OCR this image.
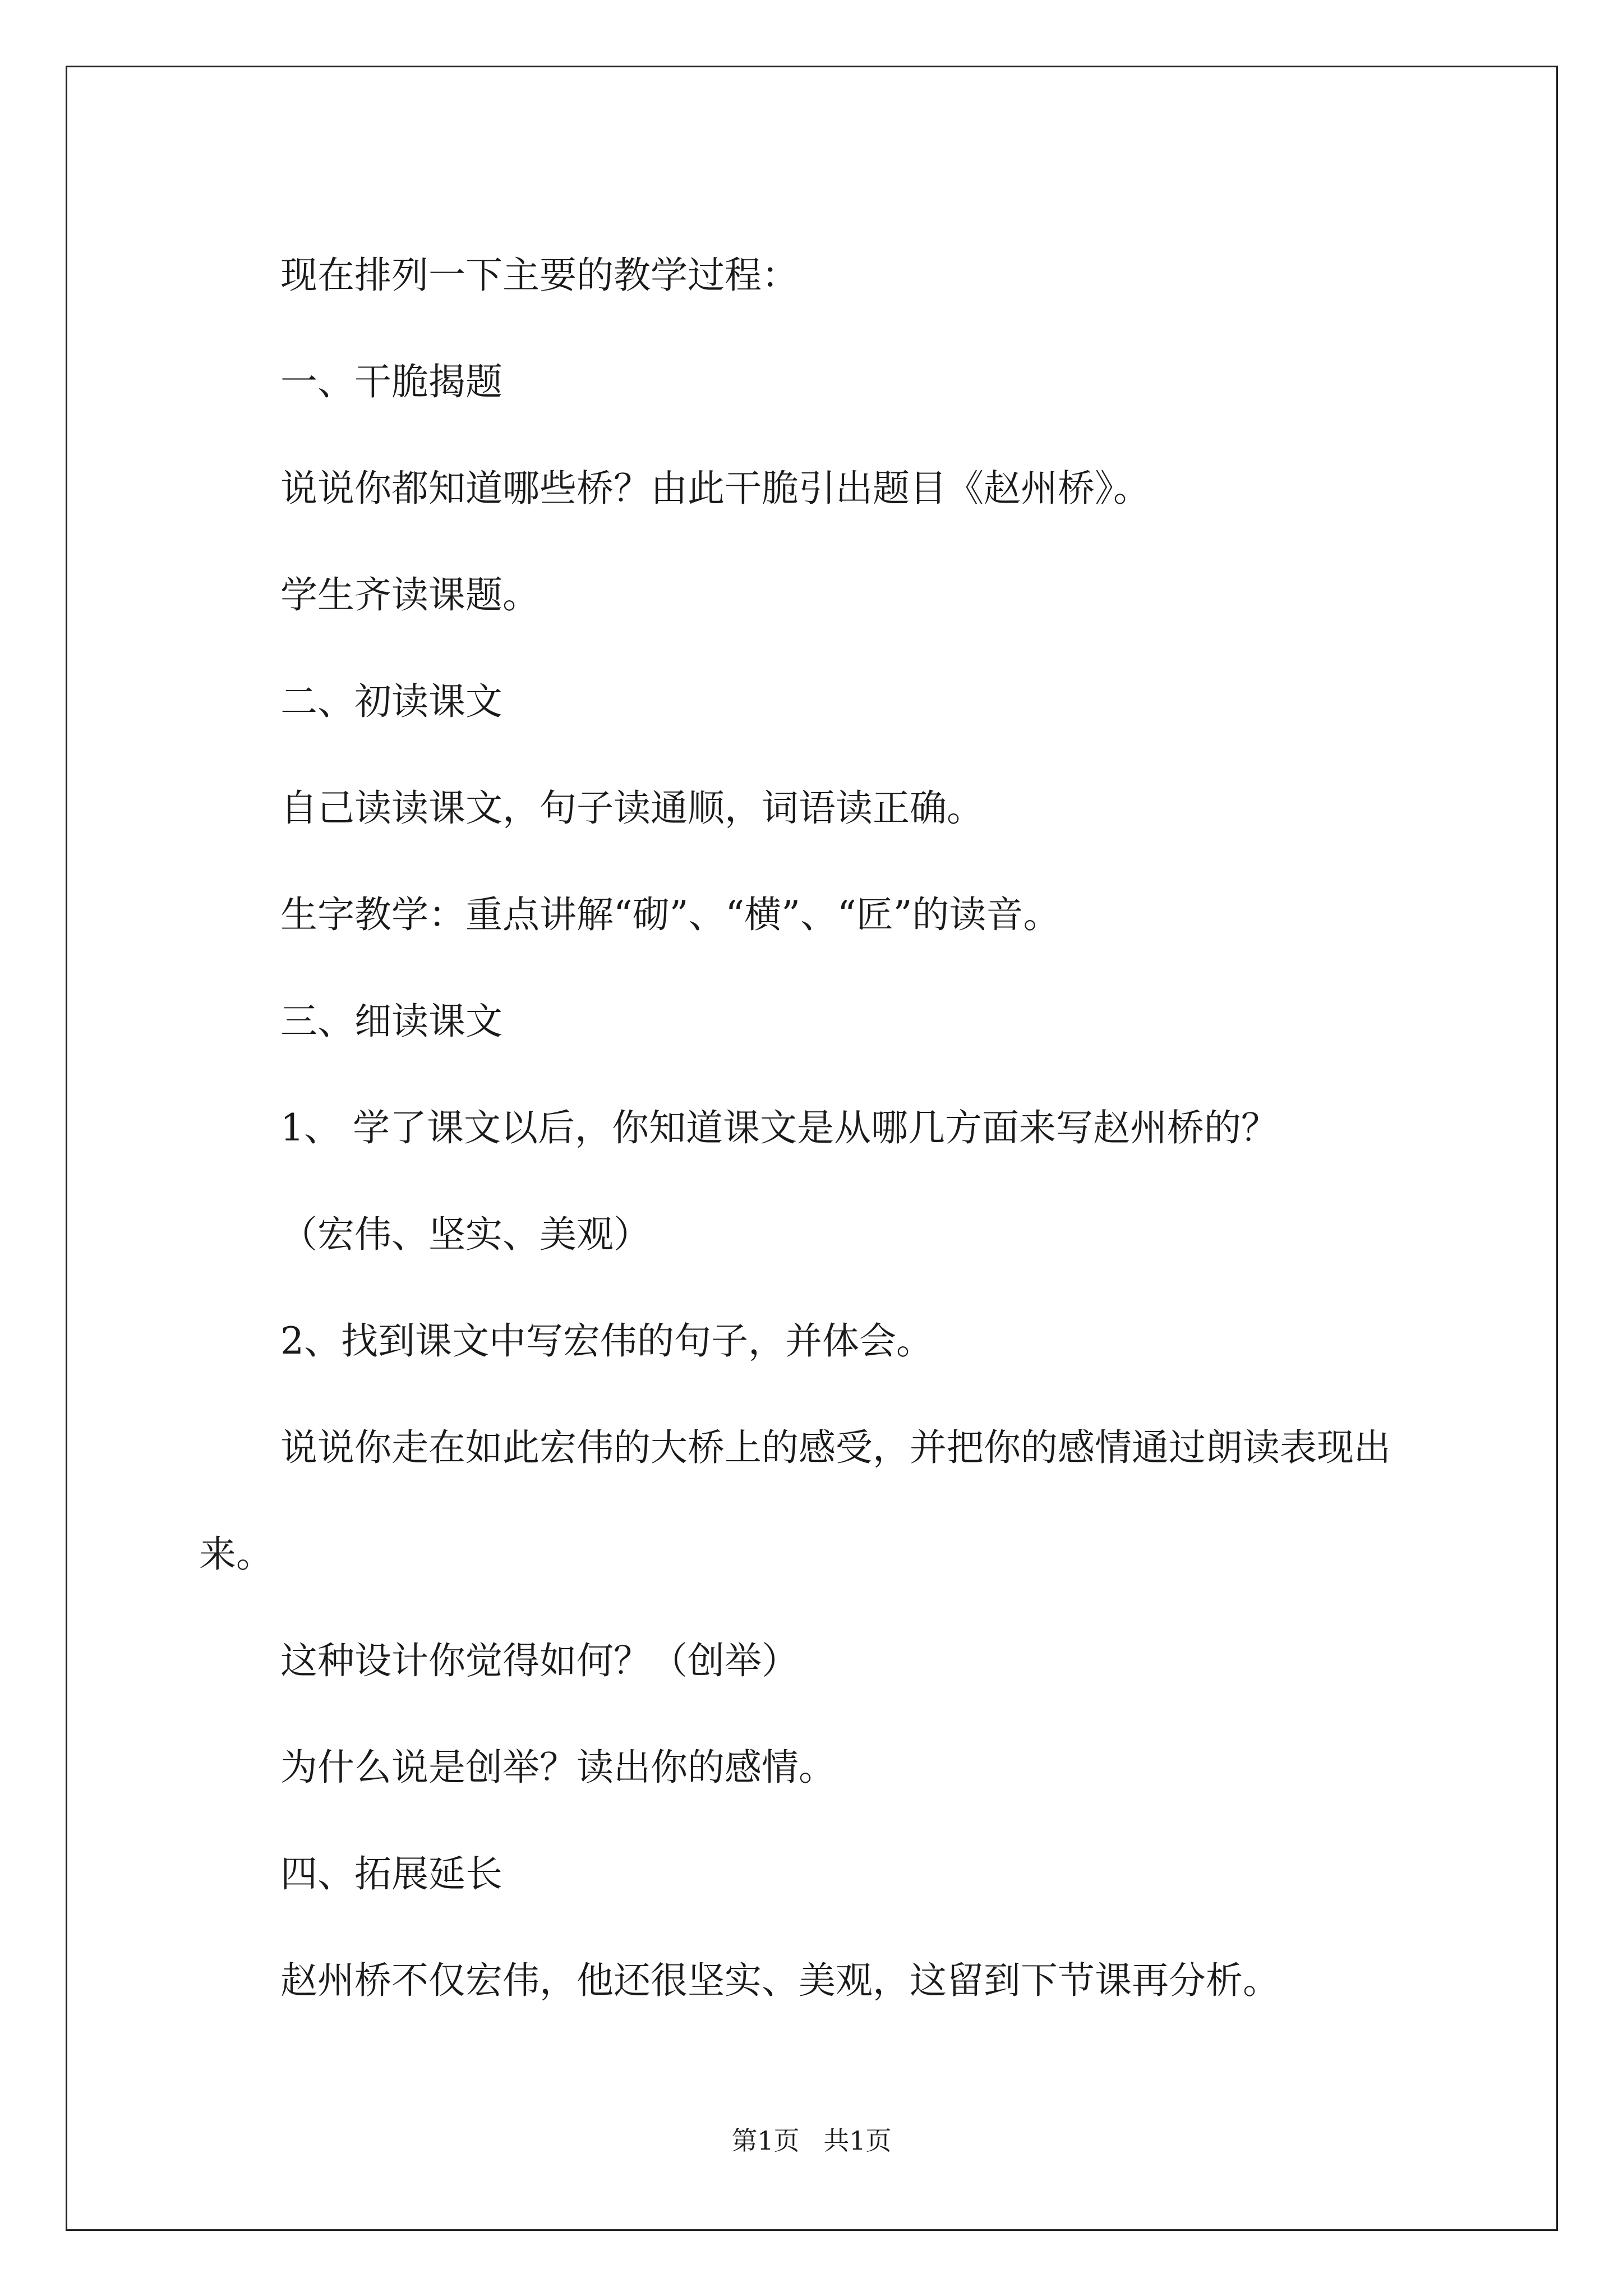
现在排列一下主要的教学过程：

一、干脆揭题

说说你都知道哪些桥？由此干脆引出题目《赵州桥》。

学生齐读课题。

二、初读课文

自己读读课文，句子读通顺，词语读正确。

生字教学：重点讲解“砌”、“横”、“匠”的读音。

三、细读课文

1、 学了课文以后，你知道课文是从哪几方面来写赵州桥的？

（宏伟、坚实、美观）

2、找到课文中写宏伟的句子，并体会。

说说你走在如此宏伟的大桥上的感受，并把你的感情通过朗读表现出来。

这种设计你觉得如何？（创举）

为什么说是创举？读出你的感情。

四、拓展延长

赵州桥不仅宏伟，他还很坚实、美观，这留到下节课再分析。

第1页 共1页
